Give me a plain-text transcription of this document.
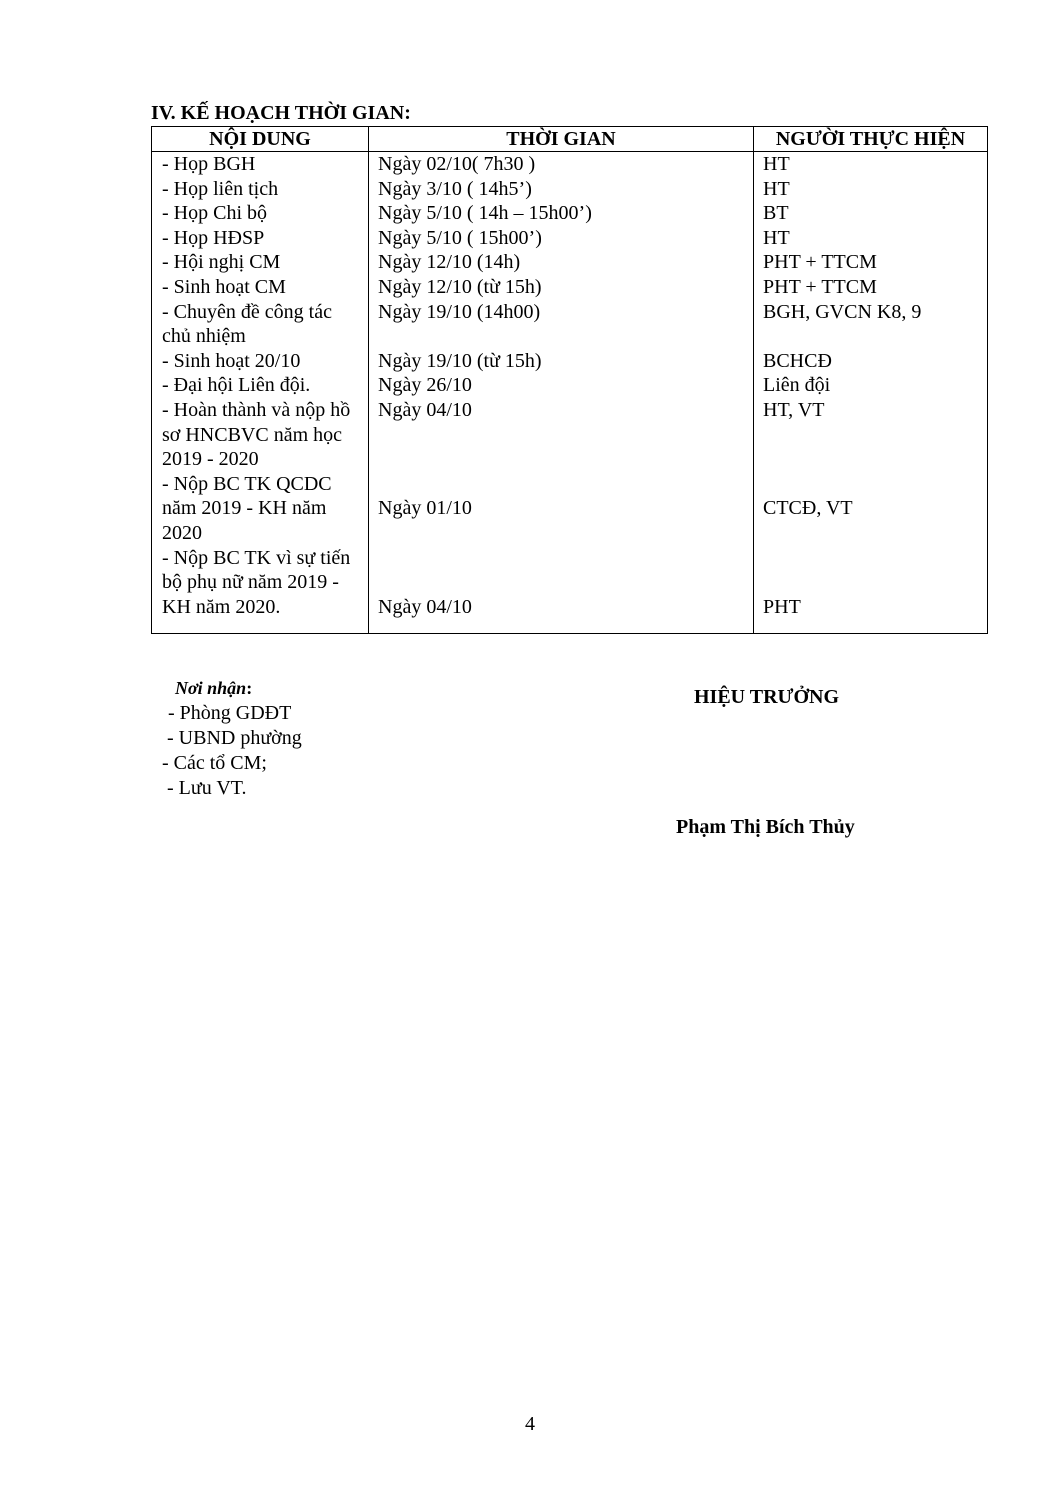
IV. KẾ HOẠCH THỜI GIAN:
NỘI DUNG	THỜI GIAN	NGƯỜI THỰC HIỆN
- Họp BGH	Ngày 02/10( 7h30 )	HT
- Họp liên tịch	Ngày 3/10 ( 14h5’)	HT
- Họp Chi bộ	Ngày 5/10 ( 14h – 15h00’)	BT
- Họp HĐSP	Ngày 5/10 ( 15h00’)	HT
- Hội nghị CM	Ngày 12/10 (14h)	PHT + TTCM
- Sinh hoạt CM	Ngày 12/10 (từ 15h)	PHT + TTCM
- Chuyên đề công tác chủ nhiệm	Ngày 19/10 (14h00)	BGH, GVCN K8, 9
- Sinh hoạt 20/10	Ngày 19/10 (từ 15h)	BCHCĐ
- Đại hội Liên đội.	Ngày 26/10	Liên đội
- Hoàn thành và nộp hồ sơ HNCBVC năm học 2019 - 2020	Ngày 04/10	HT, VT
- Nộp BC TK QCDC năm 2019 - KH năm 2020	Ngày 01/10	CTCĐ, VT
- Nộp BC TK vì sự tiến bộ phụ nữ năm 2019 - KH năm 2020.	Ngày 04/10	PHT

Nơi nhận:
- Phòng GDĐT
- UBND phường
- Các tổ CM;
- Lưu VT.
HIỆU TRƯỞNG
Phạm Thị Bích Thủy
4
